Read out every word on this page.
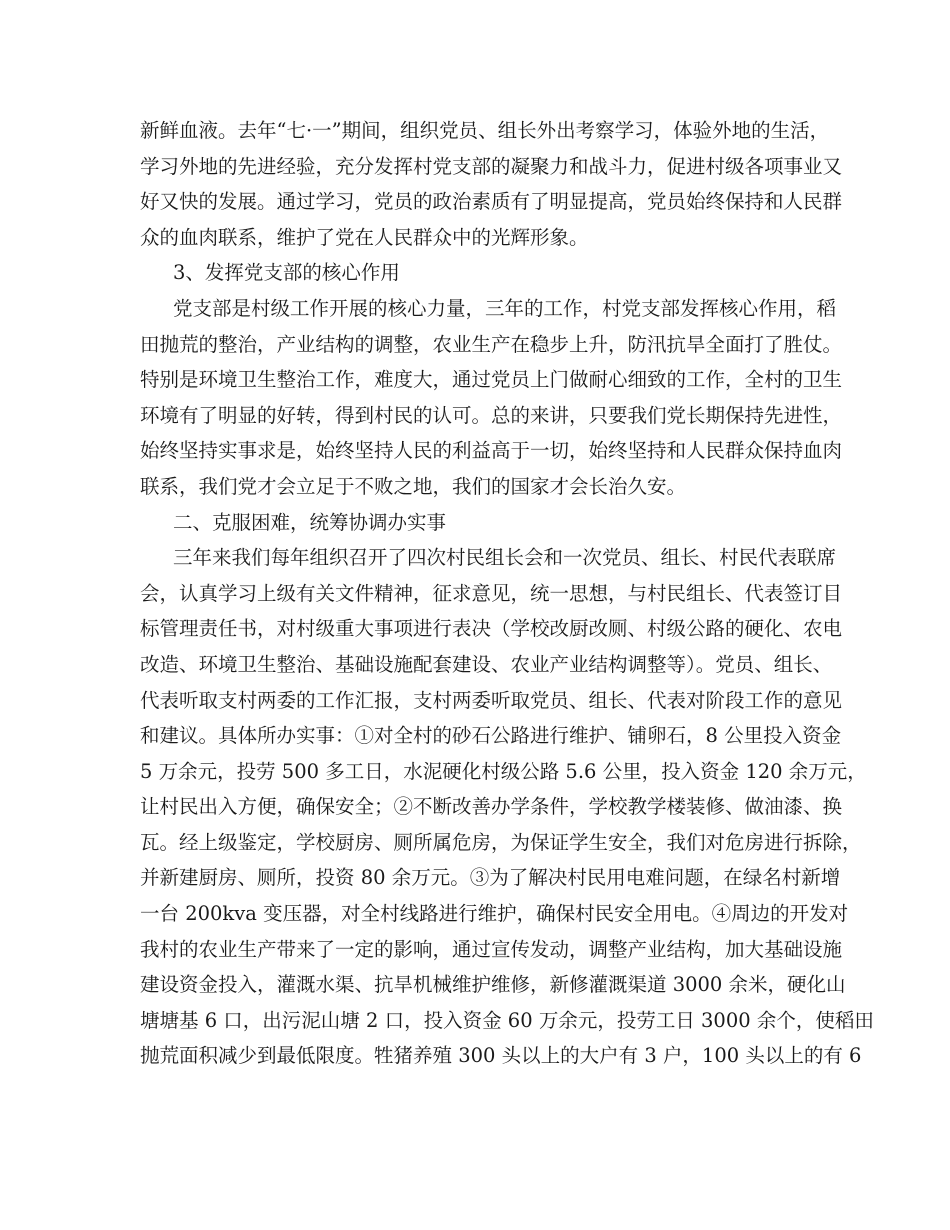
新鲜血液。去年“七·一”期间，组织党员、组长外出考察学习，体验外地的生活，
学习外地的先进经验，充分发挥村党支部的凝聚力和战斗力，促进村级各项事业又
好又快的发展。通过学习，党员的政治素质有了明显提高，党员始终保持和人民群
众的血肉联系，维护了党在人民群众中的光辉形象。
3、发挥党支部的核心作用
党支部是村级工作开展的核心力量，三年的工作，村党支部发挥核心作用，稻
田抛荒的整治，产业结构的调整，农业生产在稳步上升，防汛抗旱全面打了胜仗。
特别是环境卫生整治工作，难度大，通过党员上门做耐心细致的工作，全村的卫生
环境有了明显的好转，得到村民的认可。总的来讲，只要我们党长期保持先进性，
始终坚持实事求是，始终坚持人民的利益高于一切，始终坚持和人民群众保持血肉
联系，我们党才会立足于不败之地，我们的国家才会长治久安。
二、克服困难，统筹协调办实事
三年来我们每年组织召开了四次村民组长会和一次党员、组长、村民代表联席
会，认真学习上级有关文件精神，征求意见，统一思想，与村民组长、代表签订目
标管理责任书，对村级重大事项进行表决（学校改厨改厕、村级公路的硬化、农电
改造、环境卫生整治、基础设施配套建设、农业产业结构调整等）。党员、组长、
代表听取支村两委的工作汇报，支村两委听取党员、组长、代表对阶段工作的意见
和建议。具体所办实事：①对全村的砂石公路进行维护、铺卵石，8 公里投入资金
5 万余元，投劳 500 多工日，水泥硬化村级公路 5.6 公里，投入资金 120 余万元，
让村民出入方便，确保安全；②不断改善办学条件，学校教学楼装修、做油漆、换
瓦。经上级鉴定，学校厨房、厕所属危房，为保证学生安全，我们对危房进行拆除，
并新建厨房、厕所，投资 80 余万元。③为了解决村民用电难问题，在绿名村新增
一台 200kva 变压器，对全村线路进行维护，确保村民安全用电。④周边的开发对
我村的农业生产带来了一定的影响，通过宣传发动，调整产业结构，加大基础设施
建设资金投入，灌溉水渠、抗旱机械维护维修，新修灌溉渠道 3000 余米，硬化山
塘塘基 6 口，出污泥山塘 2 口，投入资金 60 万余元，投劳工日 3000 余个，使稻田
抛荒面积减少到最低限度。牲猪养殖 300 头以上的大户有 3 户，100 头以上的有 6
